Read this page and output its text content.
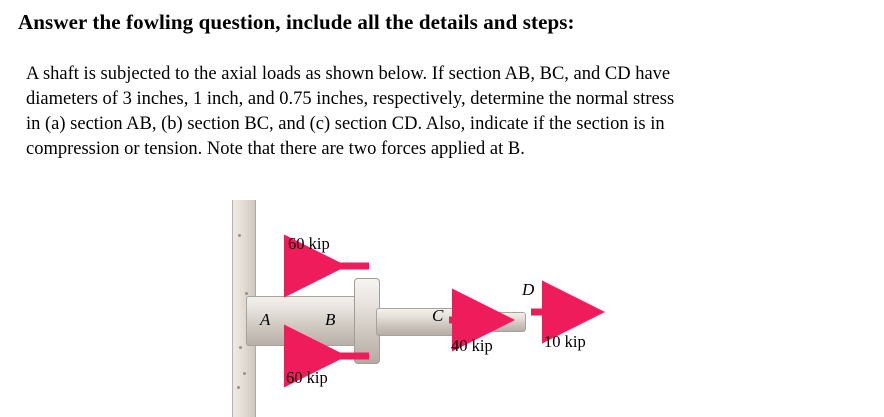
Answer the fowling question, include all the details and steps:
A shaft is subjected to the axial loads as shown below. If section AB, BC, and CD have
diameters of 3 inches, 1 inch, and 0.75 inches, respectively, determine the normal stress
in (a) section AB, (b) section BC, and (c) section CD. Also, indicate if the section is in
compression or tension. Note that there are two forces applied at B.
A	B	C
D
60 kip
60 kip
40 kip	10 kip
